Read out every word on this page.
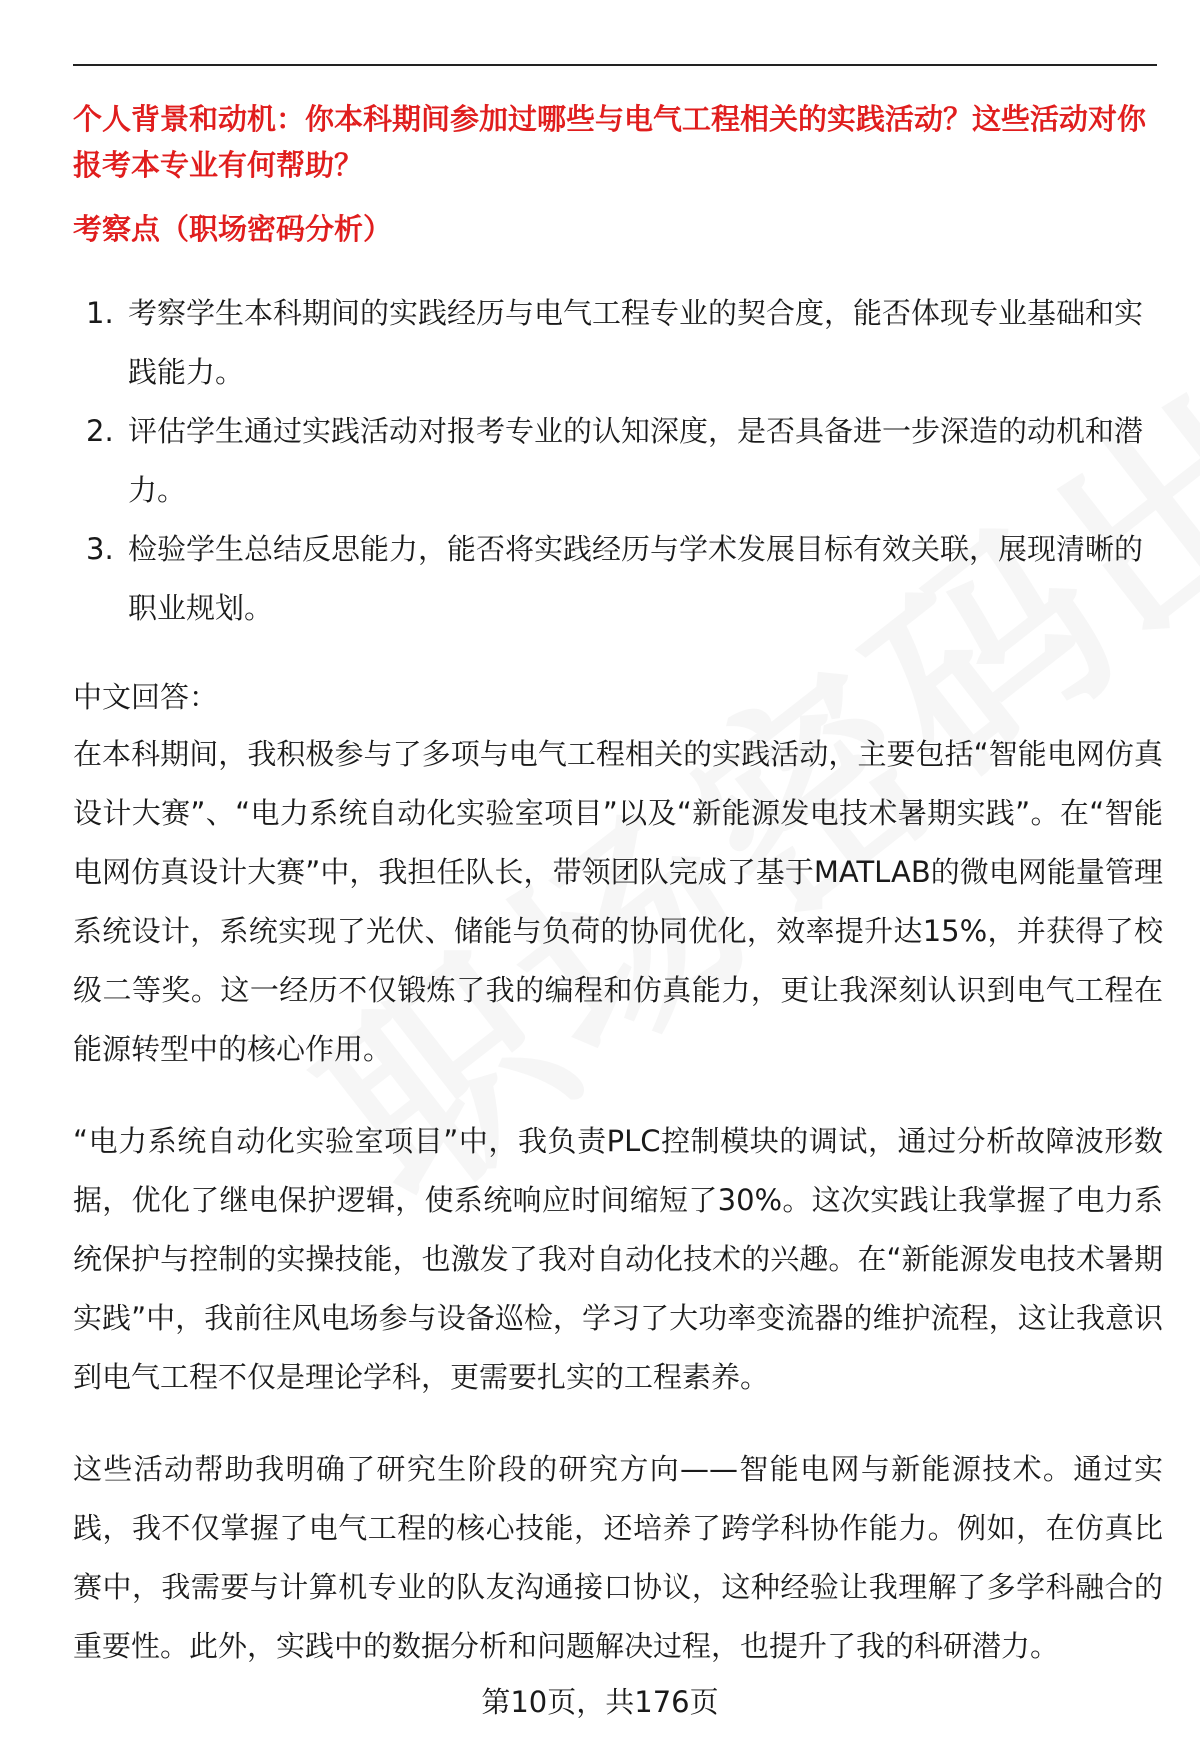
个人背景和动机：你本科期间参加过哪些与电气工程相关的实践活动？这些活动对你报考本专业有何帮助？
考察点（职场密码分析）
1. 考察学生本科期间的实践经历与电气工程专业的契合度，能否体现专业基础和实践能力。
2. 评估学生通过实践活动对报考专业的认知深度，是否具备进一步深造的动机和潜力。
3. 检验学生总结反思能力，能否将实践经历与学术发展目标有效关联，展现清晰的职业规划。
中文回答：

在本科期间，我积极参与了多项与电气工程相关的实践活动，主要包括“智能电网仿真设计大赛”、“电力系统自动化实验室项目”以及“新能源发电技术暑期实践”。在“智能电网仿真设计大赛”中，我担任队长，带领团队完成了基于MATLAB的微电网能量管理系统设计，系统实现了光伏、储能与负荷的协同优化，效率提升达15%，并获得了校级二等奖。这一经历不仅锻炼了我的编程和仿真能力，更让我深刻认识到电气工程在能源转型中的核心作用。

“电力系统自动化实验室项目”中，我负责PLC控制模块的调试，通过分析故障波形数据，优化了继电保护逻辑，使系统响应时间缩短了30%。这次实践让我掌握了电力系统保护与控制的实操技能，也激发了我对自动化技术的兴趣。在“新能源发电技术暑期实践”中，我前往风电场参与设备巡检，学习了大功率变流器的维护流程，这让我意识到电气工程不仅是理论学科，更需要扎实的工程素养。

这些活动帮助我明确了研究生阶段的研究方向——智能电网与新能源技术。通过实践，我不仅掌握了电气工程的核心技能，还培养了跨学科协作能力。例如，在仿真比赛中，我需要与计算机专业的队友沟通接口协议，这种经验让我理解了多学科融合的重要性。此外，实践中的数据分析和问题解决过程，也提升了我的科研潜力。

第10页，共176页
